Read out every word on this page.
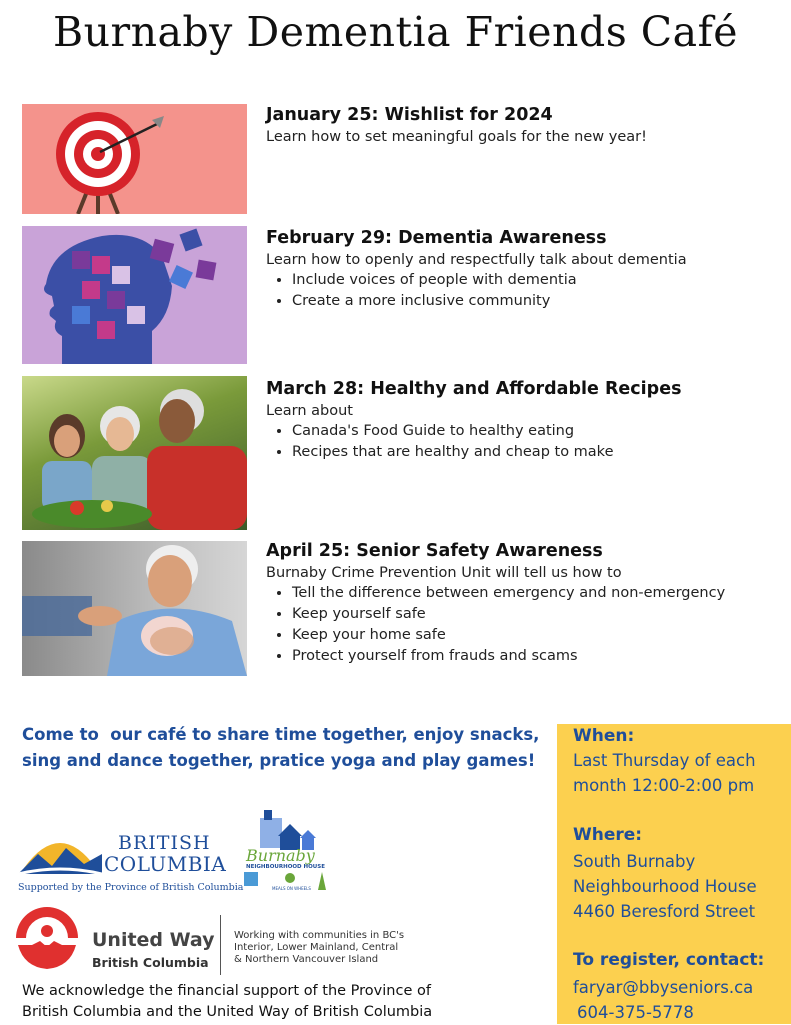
Burnaby Dementia Friends Café
January 25: Wishlist for 2024

Learn how to set meaningful goals for the new year!

February 29: Dementia Awareness

Learn how to openly and respectfully talk about dementia

• Include voices of people with dementia
• Create a more inclusive community
March 28: Healthy and Affordable Recipes

Learn about

• Canada's Food Guide to healthy eating
• Recipes that are healthy and cheap to make
April 25: Senior Safety Awareness

Burnaby Crime Prevention Unit will tell us how to

• Tell the difference between emergency and non-emergency
• Keep yourself safe
• Keep your home safe
• Protect yourself from frauds and scams
Come to  our café to share time together, enjoy snacks,
sing and dance together, pratice yoga and play games!
When:
Last Thursday of each
month 12:00-2:00 pm
Where:
South Burnaby
Neighbourhood House
4460 Beresford Street
To register, contact:
faryar@bbyseniors.ca
604-375-5778
BRITISH
COLUMBIA
Supported by the Province of British Columbia
Burnaby
NEIGHBOURHOOD HOUSE
MEALS ON WHEELS
United Way
British Columbia
Working with communities in BC's
Interior, Lower Mainland, Central
& Northern Vancouver Island
We acknowledge the financial support of the Province of
British Columbia and the United Way of British Columbia
